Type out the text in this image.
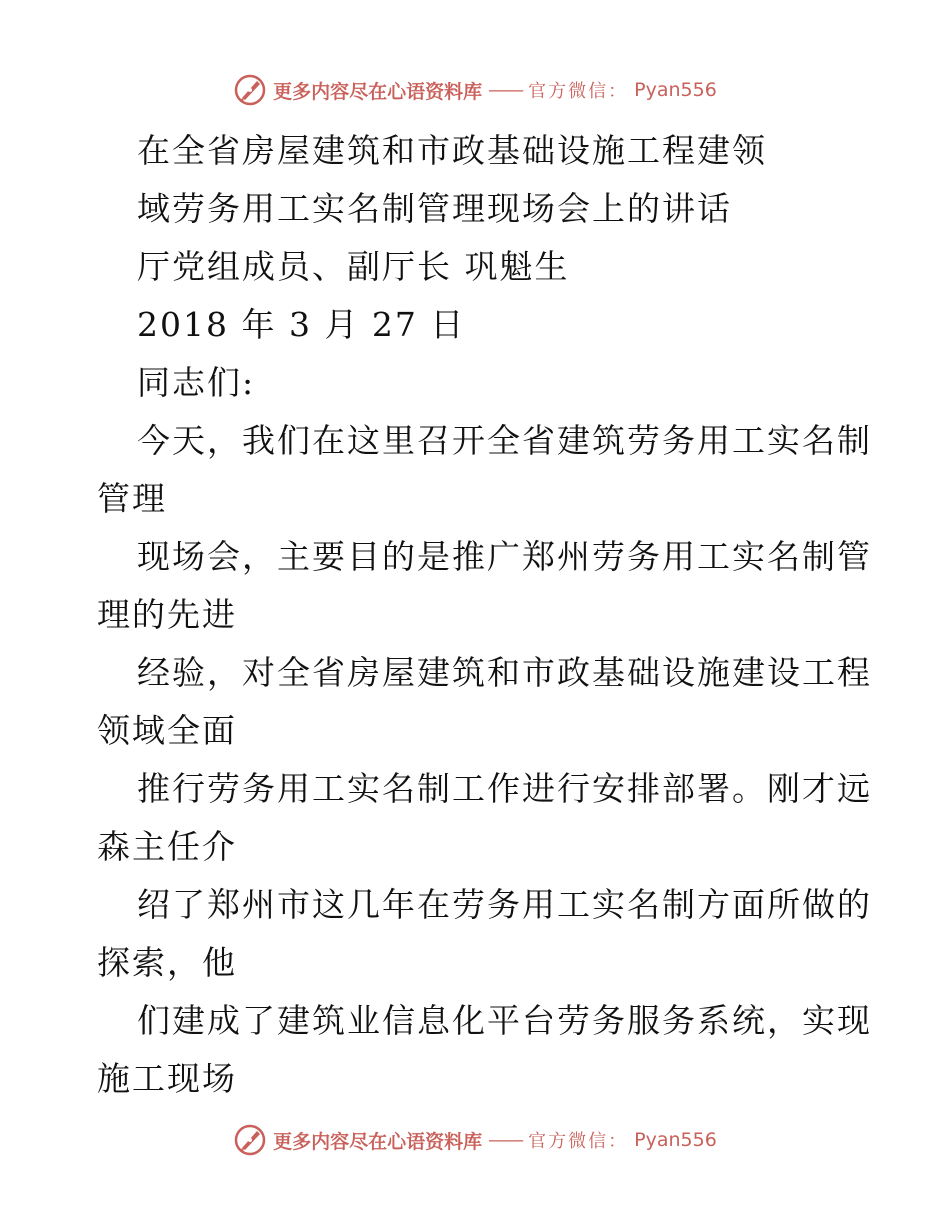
更多内容尽在心语资料库 —— 官方微信： Pyan556
在全省房屋建筑和市政基础设施工程建领
域劳务用工实名制管理现场会上的讲话
厅党组成员、副厅长 巩魁生
2018 年 3 月 27 日
同志们:
今天，我们在这里召开全省建筑劳务用工实名制
管理
现场会，主要目的是推广郑州劳务用工实名制管
理的先进
经验，对全省房屋建筑和市政基础设施建设工程
领域全面
推行劳务用工实名制工作进行安排部署。刚才远
森主任介
绍了郑州市这几年在劳务用工实名制方面所做的
探索，他
们建成了建筑业信息化平台劳务服务系统，实现
施工现场
更多内容尽在心语资料库 —— 官方微信： Pyan556
